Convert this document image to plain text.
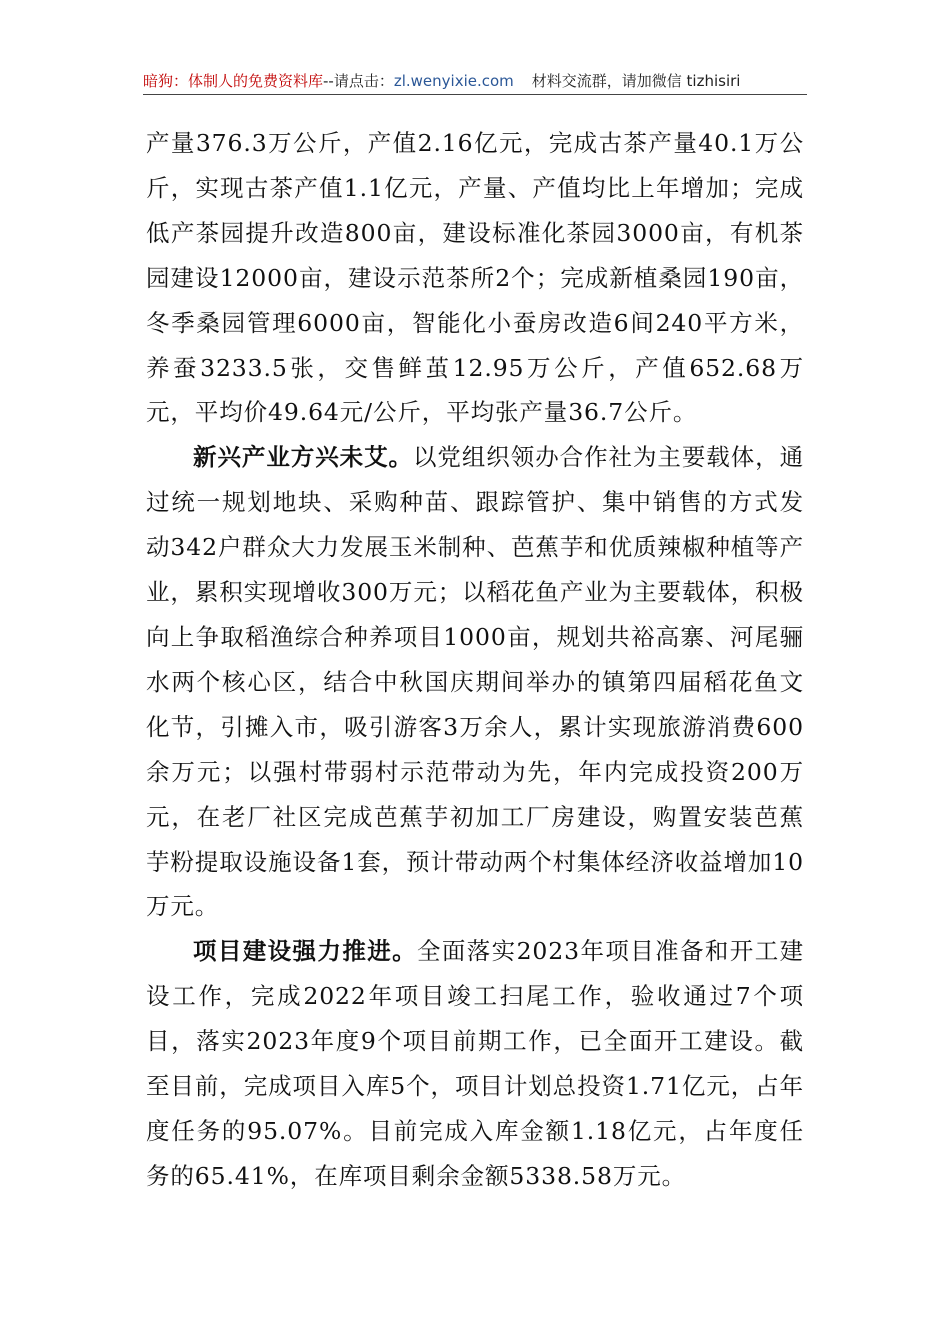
暗狗：体制人的免费资料库--请点击：zl.wenyixie.com 材料交流群，请加微信 tizhisiri

产量376.3万公斤，产值2.16亿元，完成古茶产量40.1万公斤，实现古茶产值1.1亿元，产量、产值均比上年增加；完成低产茶园提升改造800亩，建设标准化茶园3000亩，有机茶园建设12000亩，建设示范茶所2个；完成新植桑园190亩，冬季桑园管理6000亩，智能化小蚕房改造6间240平方米，养蚕3233.5张，交售鲜茧12.95万公斤，产值652.68万元，平均价49.64元/公斤，平均张产量36.7公斤。

新兴产业方兴未艾。以党组织领办合作社为主要载体，通过统一规划地块、采购种苗、跟踪管护、集中销售的方式发动342户群众大力发展玉米制种、芭蕉芋和优质辣椒种植等产业，累积实现增收300万元；以稻花鱼产业为主要载体，积极向上争取稻渔综合种养项目1000亩，规划共裕高寨、河尾骊水两个核心区，结合中秋国庆期间举办的镇第四届稻花鱼文化节，引摊入市，吸引游客3万余人，累计实现旅游消费600余万元；以强村带弱村示范带动为先，年内完成投资200万元，在老厂社区完成芭蕉芋初加工厂房建设，购置安装芭蕉芋粉提取设施设备1套，预计带动两个村集体经济收益增加10万元。

项目建设强力推进。全面落实2023年项目准备和开工建设工作，完成2022年项目竣工扫尾工作，验收通过7个项目，落实2023年度9个项目前期工作，已全面开工建设。截至目前，完成项目入库5个，项目计划总投资1.71亿元，占年度任务的95.07%。目前完成入库金额1.18亿元，占年度任务的65.41%，在库项目剩余金额5338.58万元。
